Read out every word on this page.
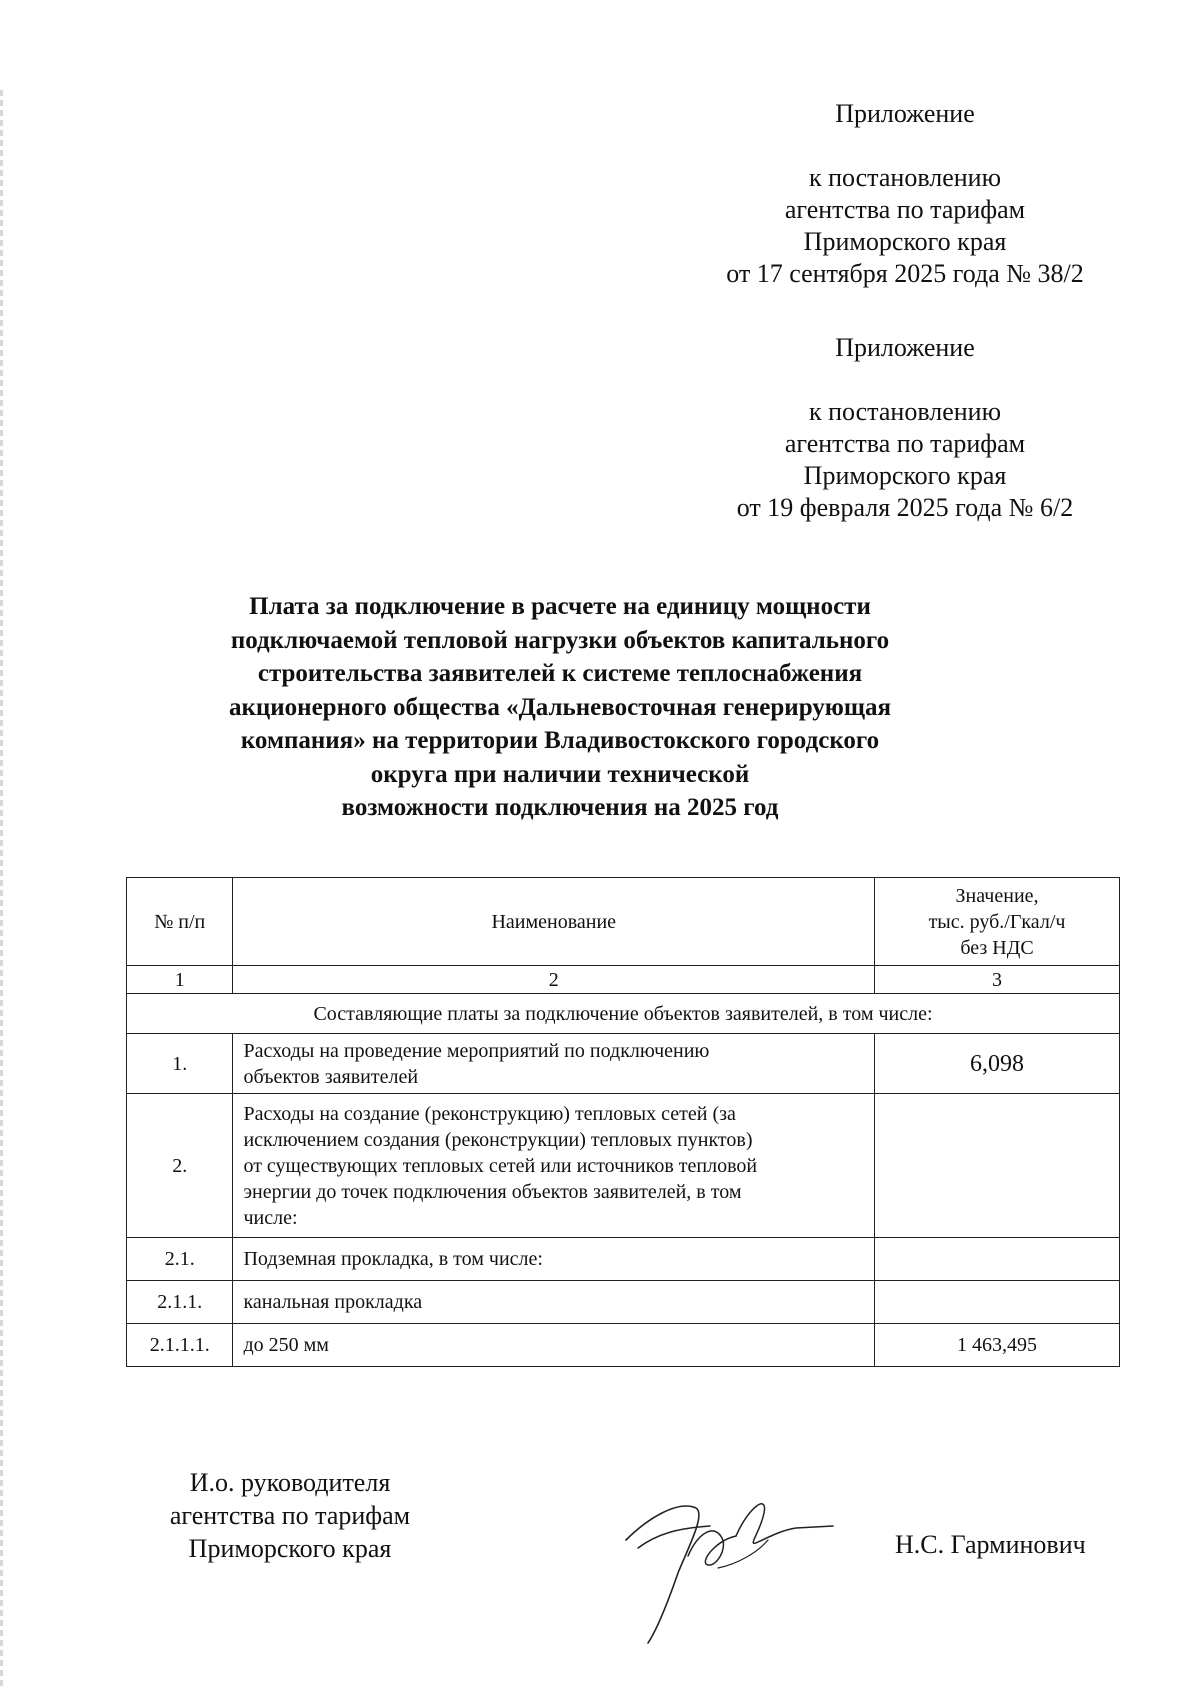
Приложение
к постановлению
агентства по тарифам
Приморского края
от 17 сентября 2025 года № 38/2
Приложение
к постановлению
агентства по тарифам
Приморского края
от 19 февраля 2025 года № 6/2
Плата за подключение в расчете на единицу мощности
подключаемой тепловой нагрузки объектов капитального
строительства заявителей к системе теплоснабжения
акционерного общества «Дальневосточная генерирующая
компания» на территории Владивостокского городского
округа при наличии технической
возможности подключения на 2025 год
№ п/п	Наименование	Значение,
тыс. руб./Гкал/ч
без НДС

1	2	3
Составляющие платы за подключение объектов заявителей, в том числе:		
1.	Расходы на проведение мероприятий по подключению
объектов заявителей	6,098
2.	Расходы на создание (реконструкцию) тепловых сетей (за
исключением создания (реконструкции) тепловых пунктов)
от существующих тепловых сетей или источников тепловой
энергии до точек подключения объектов заявителей, в том
числе:	

2.1.	Подземная прокладка, в том числе:	
2.1.1.	канальная прокладка	
2.1.1.1.	до 250 мм	1 463,495
И.о. руководителя
агентства по тарифам
Приморского края	Н.С. Гарминович
